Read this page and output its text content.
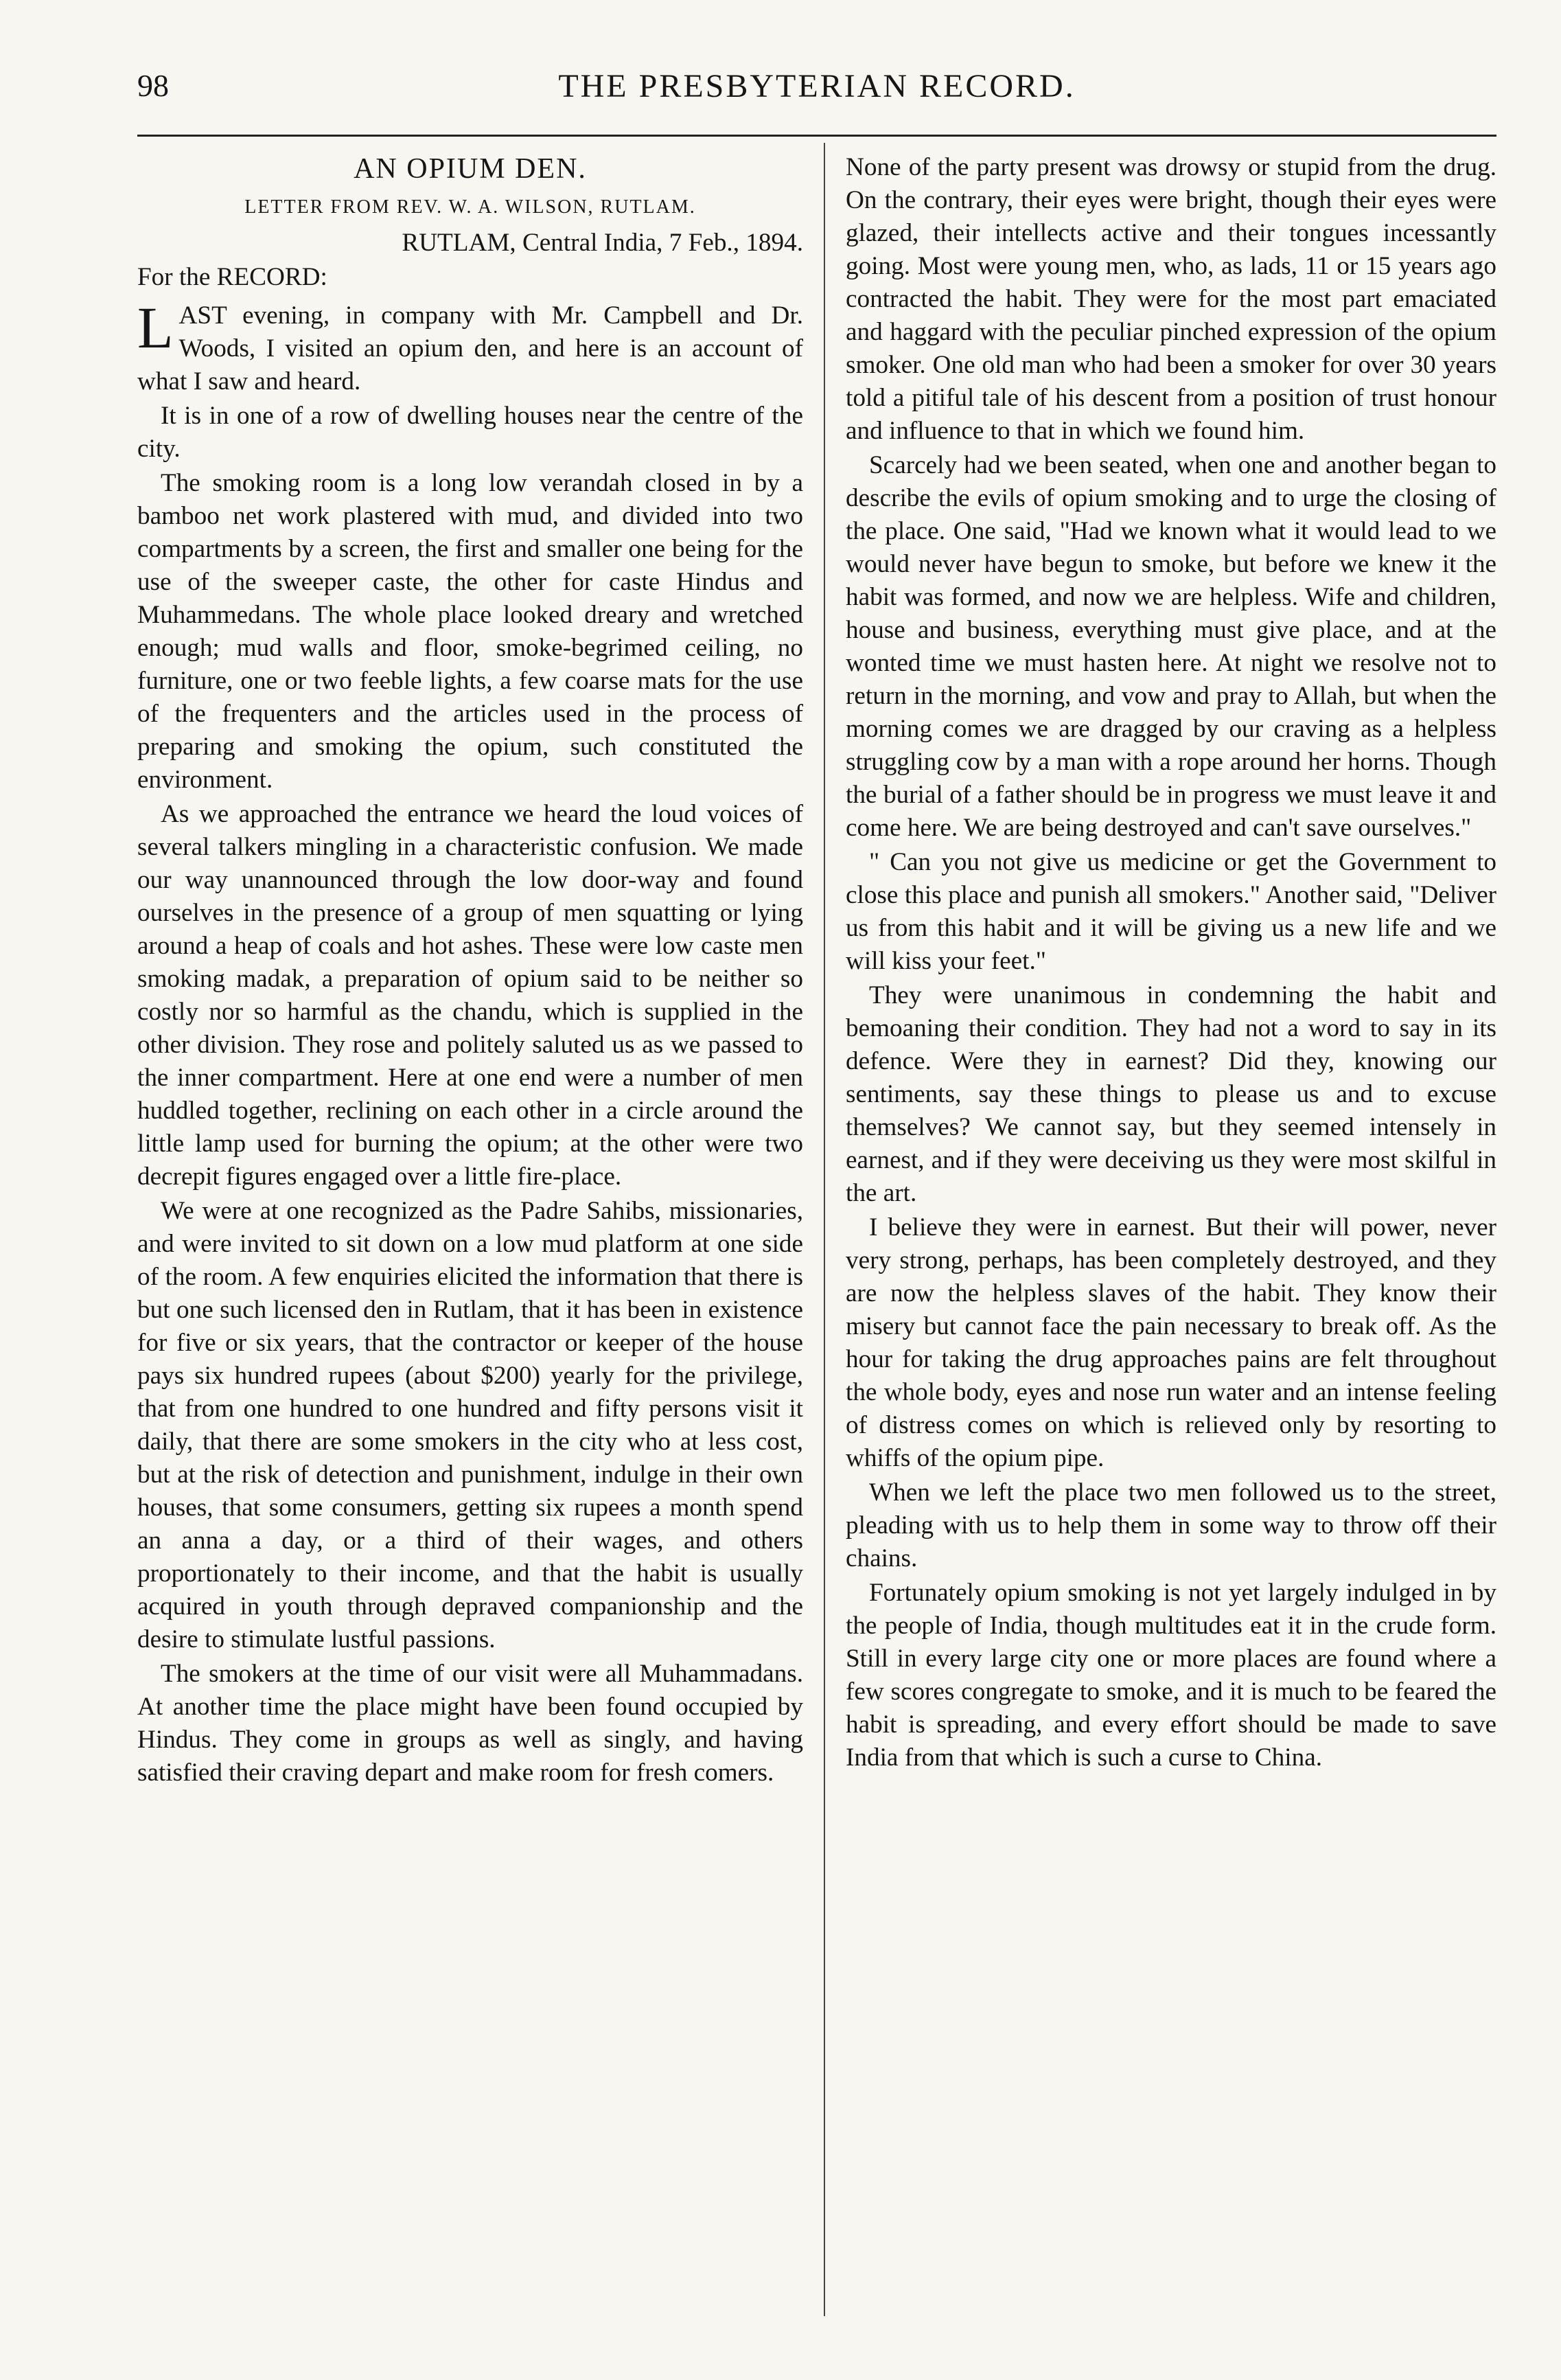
98	THE PRESBYTERIAN RECORD.
AN OPIUM DEN.
LETTER FROM REV. W. A. WILSON, RUTLAM.
RUTLAM, Central India, 7 Feb., 1894.
For the RECORD:

LAST evening, in company with Mr. Campbell and Dr. Woods, I visited an opium den, and here is an account of what I saw and heard.

It is in one of a row of dwelling houses near the centre of the city.

The smoking room is a long low verandah closed in by a bamboo net work plastered with mud, and divided into two compartments by a screen, the first and smaller one being for the use of the sweeper caste, the other for caste Hindus and Muhammedans. The whole place looked dreary and wretched enough; mud walls and floor, smoke-begrimed ceiling, no furniture, one or two feeble lights, a few coarse mats for the use of the frequenters and the articles used in the process of preparing and smoking the opium, such constituted the environment.

As we approached the entrance we heard the loud voices of several talkers mingling in a characteristic confusion. We made our way unannounced through the low door-way and found ourselves in the presence of a group of men squatting or lying around a heap of coals and hot ashes. These were low caste men smoking madak, a preparation of opium said to be neither so costly nor so harmful as the chandu, which is supplied in the other division. They rose and politely saluted us as we passed to the inner compartment. Here at one end were a number of men huddled together, reclining on each other in a circle around the little lamp used for burning the opium; at the other were two decrepit figures engaged over a little fire-place.

We were at one recognized as the Padre Sahibs, missionaries, and were invited to sit down on a low mud platform at one side of the room. A few enquiries elicited the information that there is but one such licensed den in Rutlam, that it has been in existence for five or six years, that the contractor or keeper of the house pays six hundred rupees (about $200) yearly for the privilege, that from one hundred to one hundred and fifty persons visit it daily, that there are some smokers in the city who at less cost, but at the risk of detection and punishment, indulge in their own houses, that some consumers, getting six rupees a month spend an anna a day, or a third of their wages, and others proportionately to their income, and that the habit is usually acquired in youth through depraved companionship and the desire to stimulate lustful passions.

The smokers at the time of our visit were all Muhammadans. At another time the place might have been found occupied by Hindus. They come in groups as well as singly, and having satisfied their craving depart and make room for fresh comers.

None of the party present was drowsy or stupid from the drug. On the contrary, their eyes were bright, though their eyes were glazed, their intellects active and their tongues incessantly going. Most were young men, who, as lads, 11 or 15 years ago contracted the habit. They were for the most part emaciated and haggard with the peculiar pinched expression of the opium smoker. One old man who had been a smoker for over 30 years told a pitiful tale of his descent from a position of trust honour and influence to that in which we found him.

Scarcely had we been seated, when one and another began to describe the evils of opium smoking and to urge the closing of the place. One said, "Had we known what it would lead to we would never have begun to smoke, but before we knew it the habit was formed, and now we are helpless. Wife and children, house and business, everything must give place, and at the wonted time we must hasten here. At night we resolve not to return in the morning, and vow and pray to Allah, but when the morning comes we are dragged by our craving as a helpless struggling cow by a man with a rope around her horns. Though the burial of a father should be in progress we must leave it and come here. We are being destroyed and can't save ourselves."

" Can you not give us medicine or get the Government to close this place and punish all smokers." Another said, "Deliver us from this habit and it will be giving us a new life and we will kiss your feet."

They were unanimous in condemning the habit and bemoaning their condition. They had not a word to say in its defence. Were they in earnest? Did they, knowing our sentiments, say these things to please us and to excuse themselves? We cannot say, but they seemed intensely in earnest, and if they were deceiving us they were most skilful in the art.

I believe they were in earnest. But their will power, never very strong, perhaps, has been completely destroyed, and they are now the helpless slaves of the habit. They know their misery but cannot face the pain necessary to break off. As the hour for taking the drug approaches pains are felt throughout the whole body, eyes and nose run water and an intense feeling of distress comes on which is relieved only by resorting to whiffs of the opium pipe.

When we left the place two men followed us to the street, pleading with us to help them in some way to throw off their chains.

Fortunately opium smoking is not yet largely indulged in by the people of India, though multitudes eat it in the crude form. Still in every large city one or more places are found where a few scores congregate to smoke, and it is much to be feared the habit is spreading, and every effort should be made to save India from that which is such a curse to China.
